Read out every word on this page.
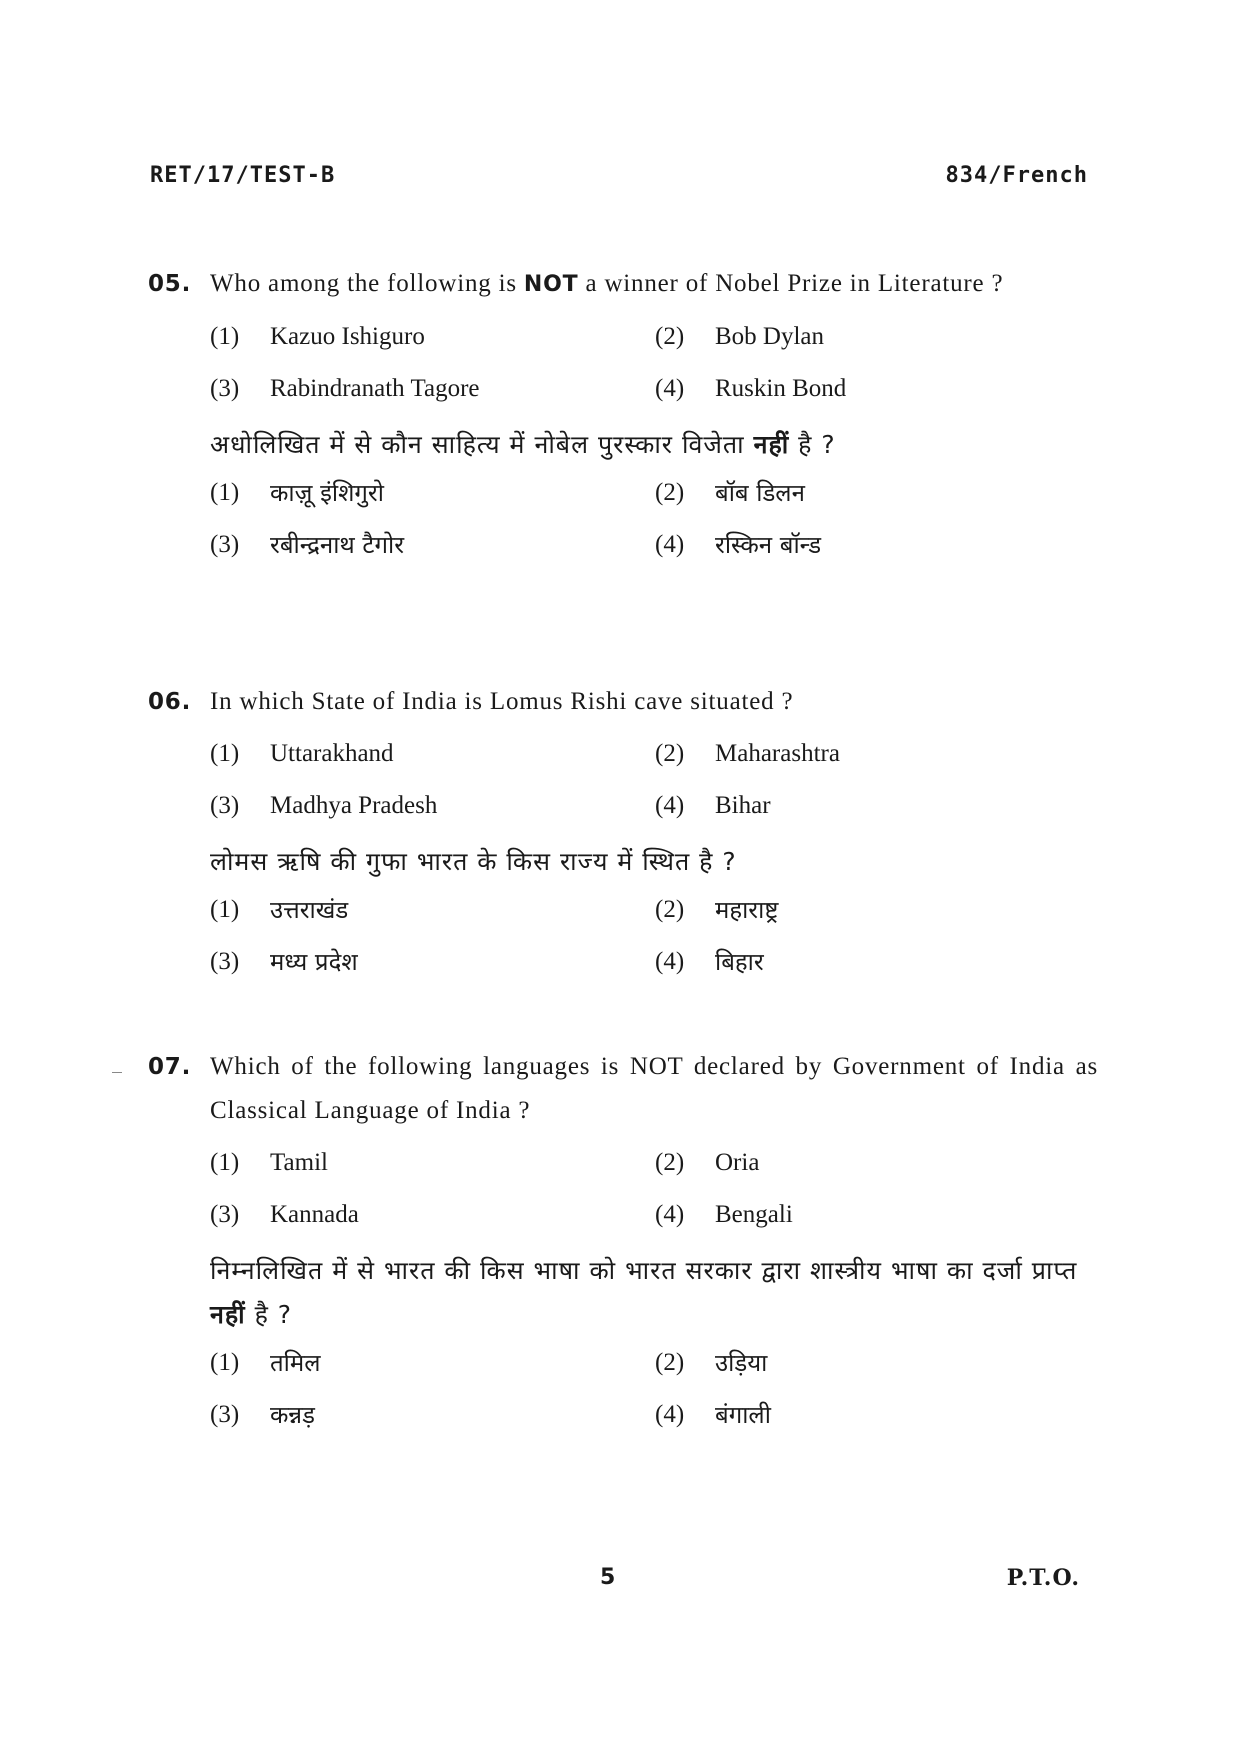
RET/17/TEST-B	834/French
05. Who among the following is NOT a winner of Nobel Prize in Literature ?
(1)	Kazuo Ishiguro	(2)	Bob Dylan
(3)	Rabindranath Tagore	(4)	Ruskin Bond
अधोलिखित में से कौन साहित्य में नोबेल पुरस्कार विजेता नहीं है ?
(1)	काज़ू इंशिगुरो	(2)	बॉब डिलन
(3)	रबीन्द्रनाथ टैगोर	(4)	रस्किन बॉन्ड
06. In which State of India is Lomus Rishi cave situated ?
(1)	Uttarakhand	(2)	Maharashtra
(3)	Madhya Pradesh	(4)	Bihar
लोमस ऋषि की गुफा भारत के किस राज्य में स्थित है ?
(1)	उत्तराखंड	(2)	महाराष्ट्र
(3)	मध्य प्रदेश	(4)	बिहार
07. Which of the following languages is NOT declared by Government of India as Classical Language of India ?
(1)	Tamil	(2)	Oria
(3)	Kannada	(4)	Bengali
निम्नलिखित में से भारत की किस भाषा को भारत सरकार द्वारा शास्त्रीय भाषा का दर्जा प्राप्त नहीं है ?
(1)	तमिल	(2)	उड़िया
(3)	कन्नड़	(4)	बंगाली
5	P.T.O.
